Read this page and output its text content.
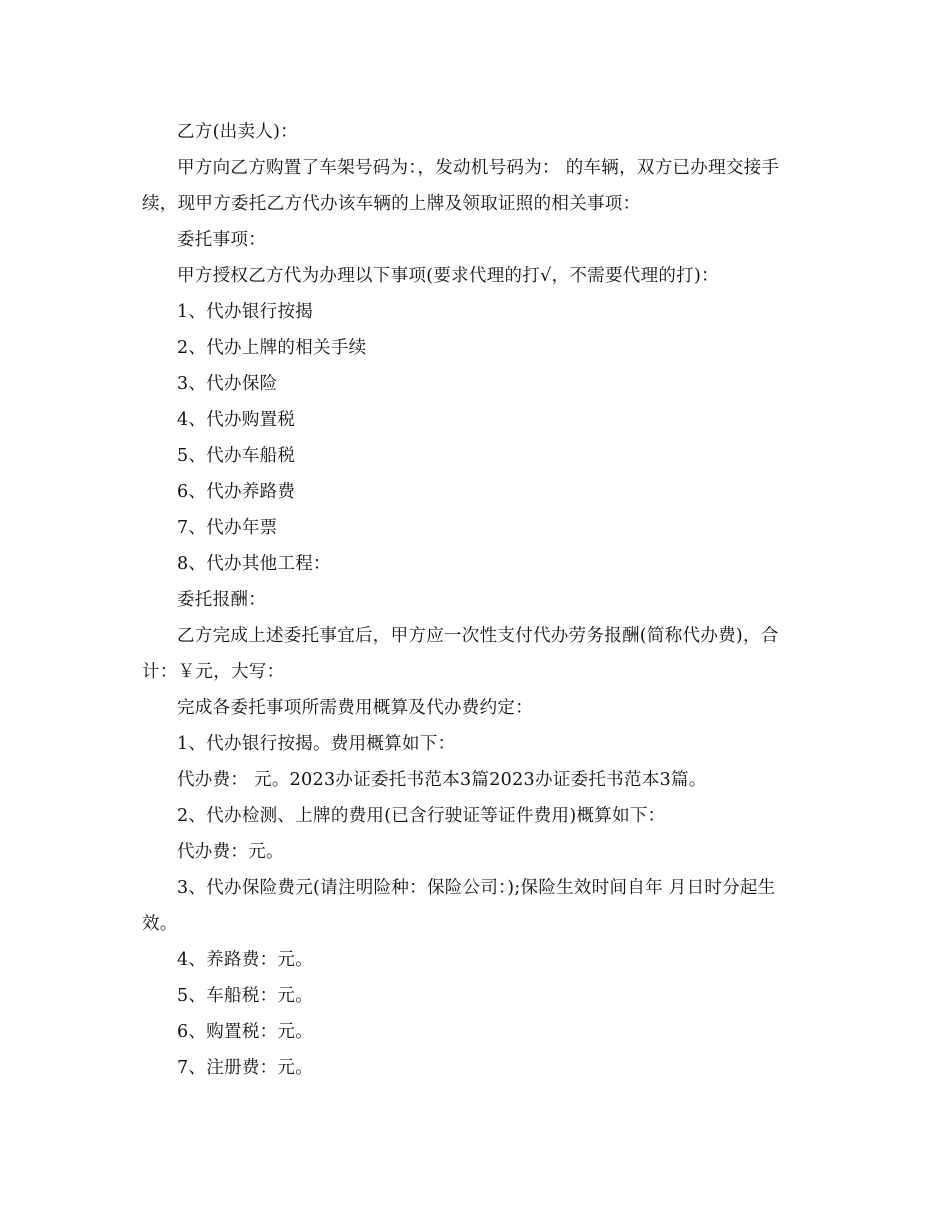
乙方(出卖人)：

甲方向乙方购置了车架号码为：，发动机号码为： 的车辆，双方已办理交接手续，现甲方委托乙方代办该车辆的上牌及领取证照的相关事项：

委托事项：

甲方授权乙方代为办理以下事项(要求代理的打√，不需要代理的打)：

1、代办银行按揭

2、代办上牌的相关手续

3、代办保险

4、代办购置税

5、代办车船税

6、代办养路费

7、代办年票

8、代办其他工程：

委托报酬：

乙方完成上述委托事宜后，甲方应一次性支付代办劳务报酬(简称代办费)，合计：￥元，大写：

完成各委托事项所需费用概算及代办费约定：

1、代办银行按揭。费用概算如下：

代办费： 元。2023办证委托书范本3篇2023办证委托书范本3篇。

2、代办检测、上牌的费用(已含行驶证等证件费用)概算如下：

代办费：元。

3、代办保险费元(请注明险种：保险公司：);保险生效时间自年 月日时分起生效。

4、养路费：元。

5、车船税：元。

6、购置税：元。

7、注册费：元。
